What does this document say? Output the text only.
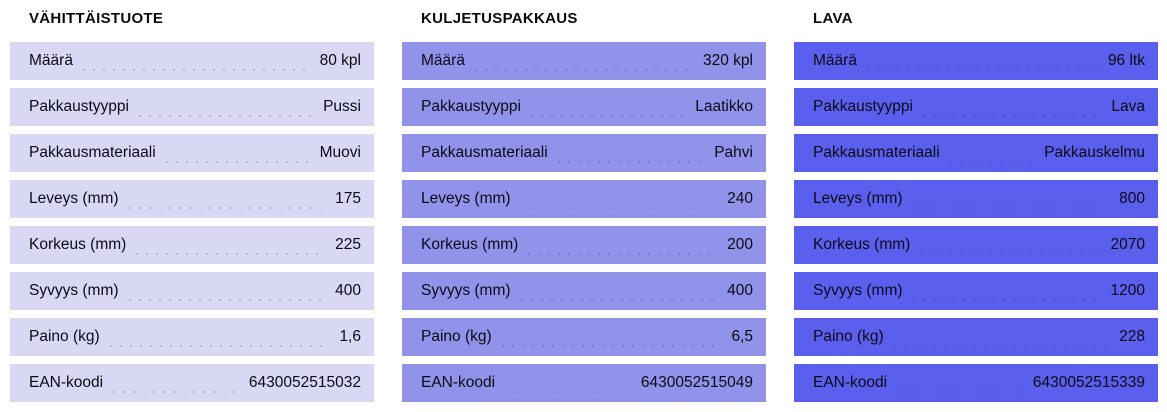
VÄHITTÄISTUOTE
Määrä	80 kpl
Pakkaustyyppi	Pussi
Pakkausmateriaali	Muovi
Leveys (mm)	175
Korkeus (mm)	225
Syvyys (mm)	400
Paino (kg)	1,6
EAN-koodi	6430052515032
KULJETUSPAKKAUS
Määrä	320 kpl
Pakkaustyyppi	Laatikko
Pakkausmateriaali	Pahvi
Leveys (mm)	240
Korkeus (mm)	200
Syvyys (mm)	400
Paino (kg)	6,5
EAN-koodi	6430052515049
LAVA
Määrä	96 ltk
Pakkaustyyppi	Lava
Pakkausmateriaali	Pakkauskelmu
Leveys (mm)	800
Korkeus (mm)	2070
Syvyys (mm)	1200
Paino (kg)	228
EAN-koodi	6430052515339
